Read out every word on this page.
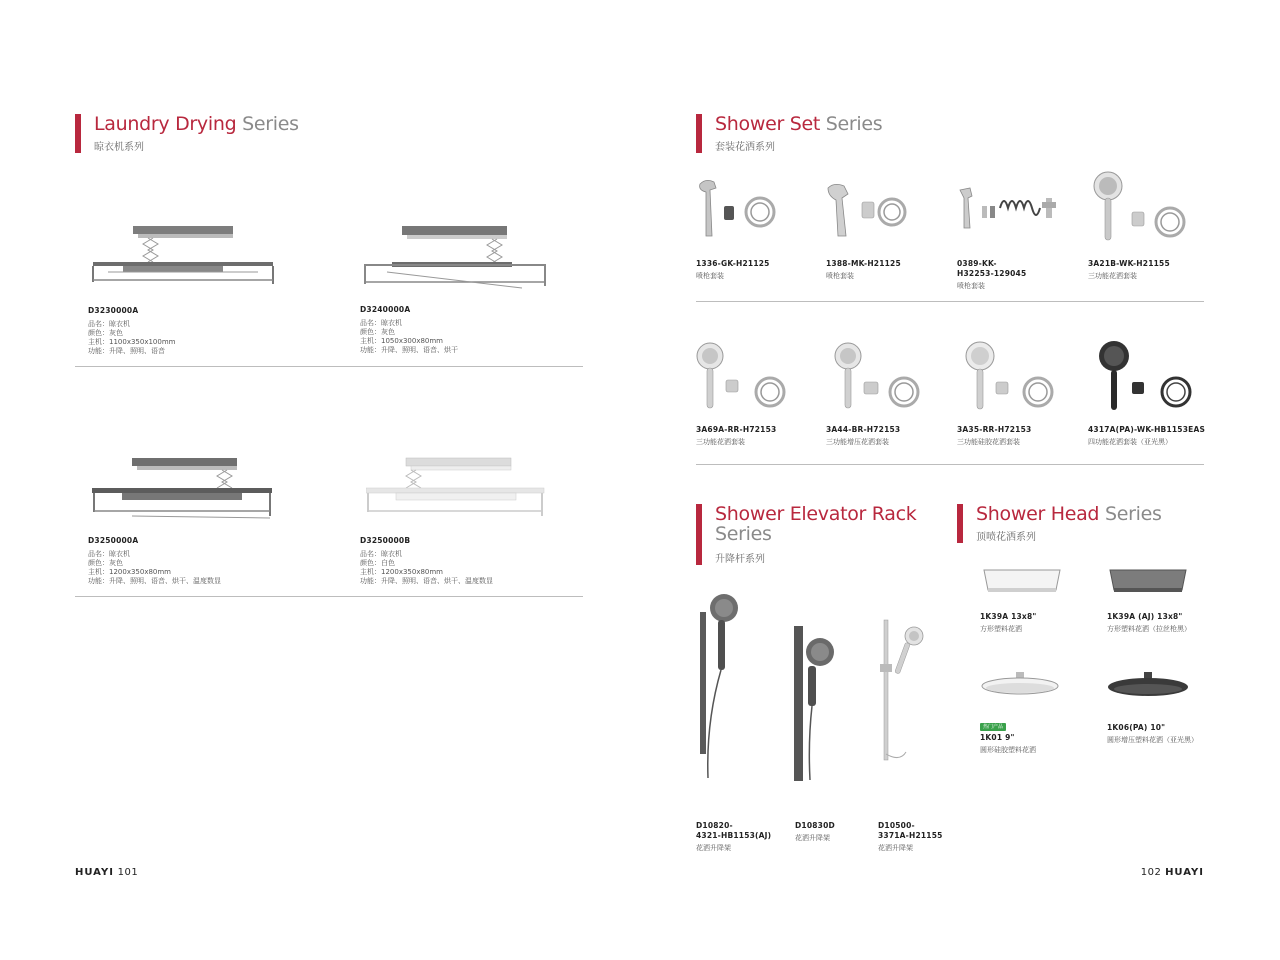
Laundry Drying Series
晾衣机系列
D3230000A
品名：晾衣机
颜色：灰色
主机：1100x350x100mm
功能：升降、照明、语音
D3240000A
品名：晾衣机
颜色：灰色
主机：1050x300x80mm
功能：升降、照明、语音、烘干
D3250000A
品名：晾衣机
颜色：灰色
主机：1200x350x80mm
功能：升降、照明、语音、烘干、温度数显
D3250000B
品名：晾衣机
颜色：白色
主机：1200x350x80mm
功能：升降、照明、语音、烘干、温度数显
HUAYI 101
Shower Set Series
套装花洒系列
1336-GK-H21125
喷枪套装
1388-MK-H21125
喷枪套装
0389-KK-
H32253-129045
喷枪套装
3A21B-WK-H21155
三功能花洒套装
3A69A-RR-H72153
三功能花洒套装
3A44-BR-H72153
三功能增压花洒套装
3A35-RR-H72153
三功能硅胶花洒套装
4317A(PA)-WK-HB1153EAS
四功能花洒套装（亚光黑）
Shower Elevator Rack
Series
升降杆系列
D10820-
4321-HB1153(AJ)
花洒升降架
D10830D
花洒升降架
D10500-
3371A-H21155
花洒升降架
Shower Head Series
顶喷花洒系列
1K39A 13x8"
方形塑料花洒
1K39A (AJ) 13x8"
方形塑料花洒（拉丝枪黑）
热门产品
1K01 9"
圆形硅胶塑料花洒
1K06(PA) 10"
圆形增压塑料花洒（亚光黑）
102 HUAYI
